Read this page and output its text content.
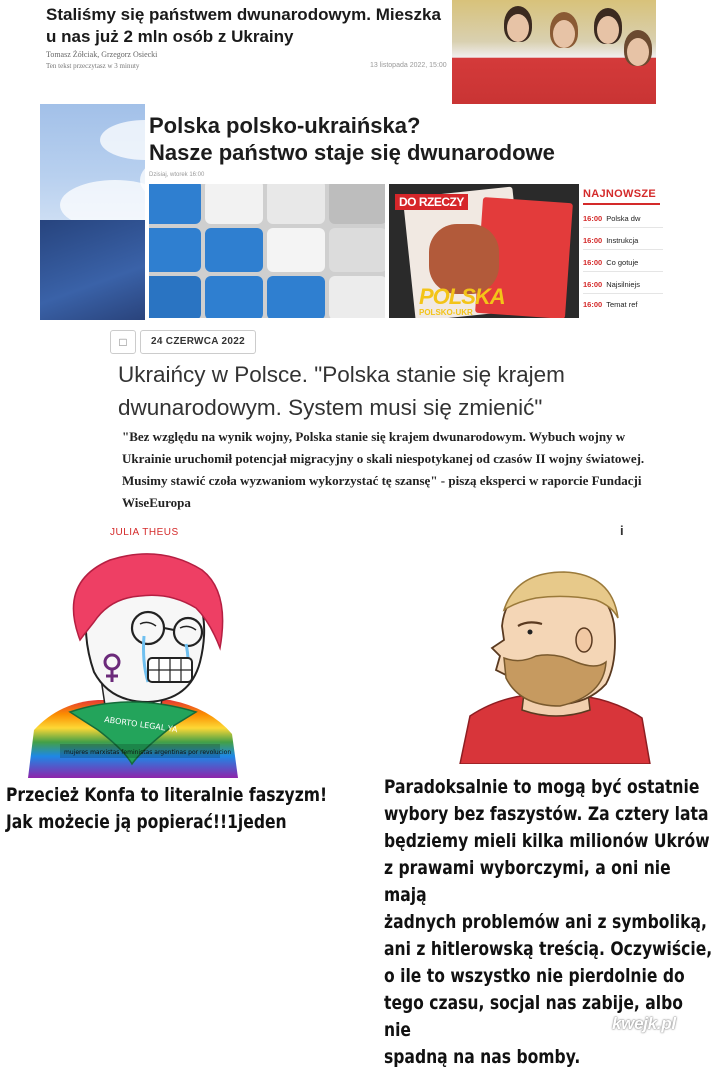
Staliśmy się państwem dwunarodowym. Mieszka u nas już 2 mln osób z Ukrainy
Tomasz Żółciak, Grzegorz Osiecki
Ten tekst przeczytasz w 3 minuty	13 listopada 2022, 15:00
Polska polsko-ukraińska?
Nasze państwo staje się dwunarodowe
Dzisiaj, wtorek 16:00
DO RZECZY
POLSKA
POLSKO-UKR
NAJNOWSZE
16:00 Polska dw
16:00 Instrukcja
16:00 Co gotuje
16:00 Najsilniejs
16:00 Temat ref
□	24 CZERWCA 2022
Ukraińcy w Polsce. "Polska stanie się krajem
dwunarodowym. System musi się zmienić"
"Bez względu na wynik wojny, Polska stanie się krajem dwunarodowym. Wybuch wojny w Ukrainie uruchomił potencjał migracyjny o skali niespotykanej od czasów II wojny światowej. Musimy stawić czoła wyzwaniom wykorzystać tę szansę" - piszą eksperci w raporcie Fundacji WiseEuropa
JULIA THEUS	i
ABORTO LEGAL YA
mujeres marxistas feministas argentinas por revolucion
Przecież Konfa to literalnie faszyzm!
Jak możecie ją popierać!!1jeden
Paradoksalnie to mogą być ostatnie
wybory bez faszystów. Za cztery lata
będziemy mieli kilka milionów Ukrów
z prawami wyborczymi, a oni nie mają
żadnych problemów ani z symboliką,
ani z hitlerowską treścią. Oczywiście,
o ile to wszystko nie pierdolnie do
tego czasu, socjal nas zabije, albo nie
spadną na nas bomby.
kwejk.pl
